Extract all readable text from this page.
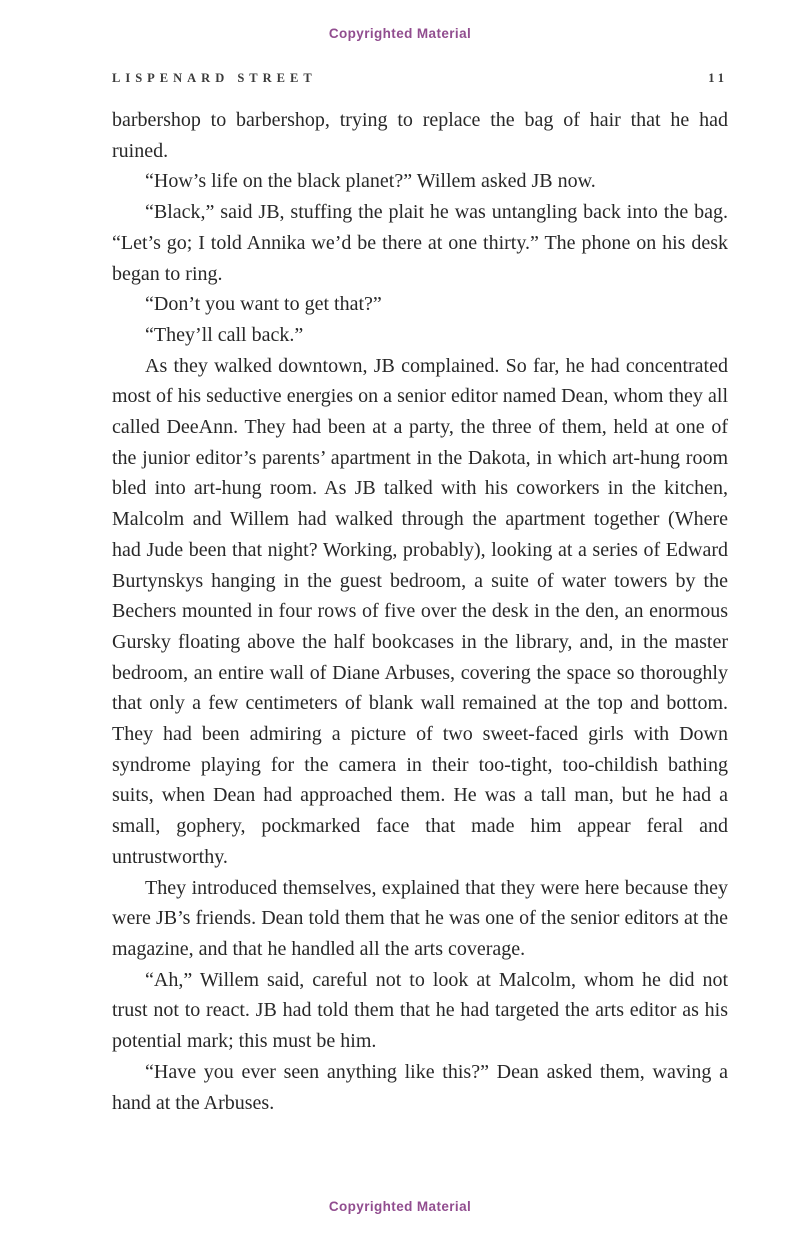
Copyrighted Material
LISPENARD STREET	11

barbershop to barbershop, trying to replace the bag of hair that he had ruined.

“How’s life on the black planet?” Willem asked JB now.

“Black,” said JB, stuffing the plait he was untangling back into the bag. “Let’s go; I told Annika we’d be there at one thirty.” The phone on his desk began to ring.

“Don’t you want to get that?”

“They’ll call back.”

As they walked downtown, JB complained. So far, he had concentrated most of his seductive energies on a senior editor named Dean, whom they all called DeeAnn. They had been at a party, the three of them, held at one of the junior editor’s parents’ apartment in the Dakota, in which art-hung room bled into art-hung room. As JB talked with his coworkers in the kitchen, Malcolm and Willem had walked through the apartment together (Where had Jude been that night? Working, probably), looking at a series of Edward Burtynskys hanging in the guest bedroom, a suite of water towers by the Bechers mounted in four rows of five over the desk in the den, an enormous Gursky floating above the half bookcases in the library, and, in the master bedroom, an entire wall of Diane Arbuses, covering the space so thoroughly that only a few centimeters of blank wall remained at the top and bottom. They had been admiring a picture of two sweet-faced girls with Down syndrome playing for the camera in their too-tight, too-childish bathing suits, when Dean had approached them. He was a tall man, but he had a small, gophery, pockmarked face that made him appear feral and untrustworthy.

They introduced themselves, explained that they were here because they were JB’s friends. Dean told them that he was one of the senior editors at the magazine, and that he handled all the arts coverage.

“Ah,” Willem said, careful not to look at Malcolm, whom he did not trust not to react. JB had told them that he had targeted the arts editor as his potential mark; this must be him.

“Have you ever seen anything like this?” Dean asked them, waving a hand at the Arbuses.

Copyrighted Material
